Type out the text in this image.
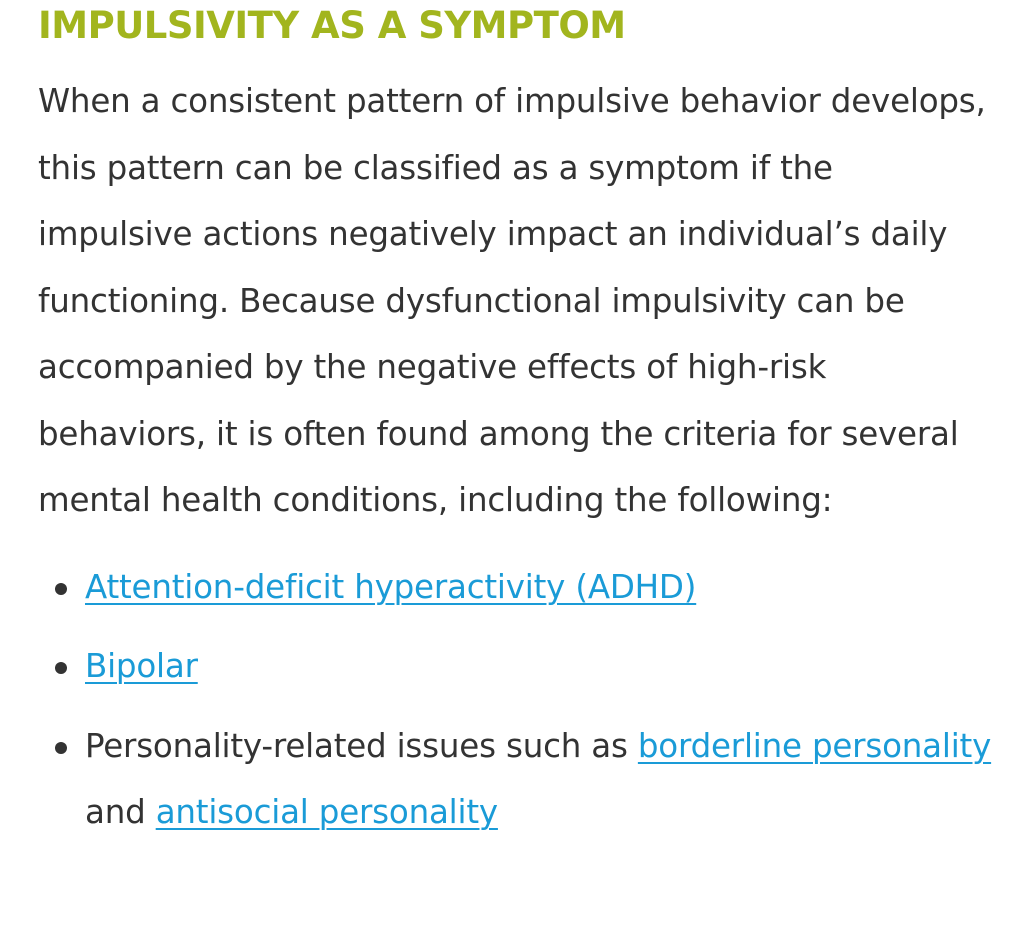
IMPULSIVITY AS A SYMPTOM

When a consistent pattern of impulsive behavior develops, this pattern can be classified as a symptom if the impulsive actions negatively impact an individual’s daily functioning. Because dysfunctional impulsivity can be accompanied by the negative effects of high-risk behaviors, it is often found among the criteria for several mental health conditions, including the following:

Attention-deficit hyperactivity (ADHD)
Bipolar
Personality-related issues such as borderline personality and antisocial personality
